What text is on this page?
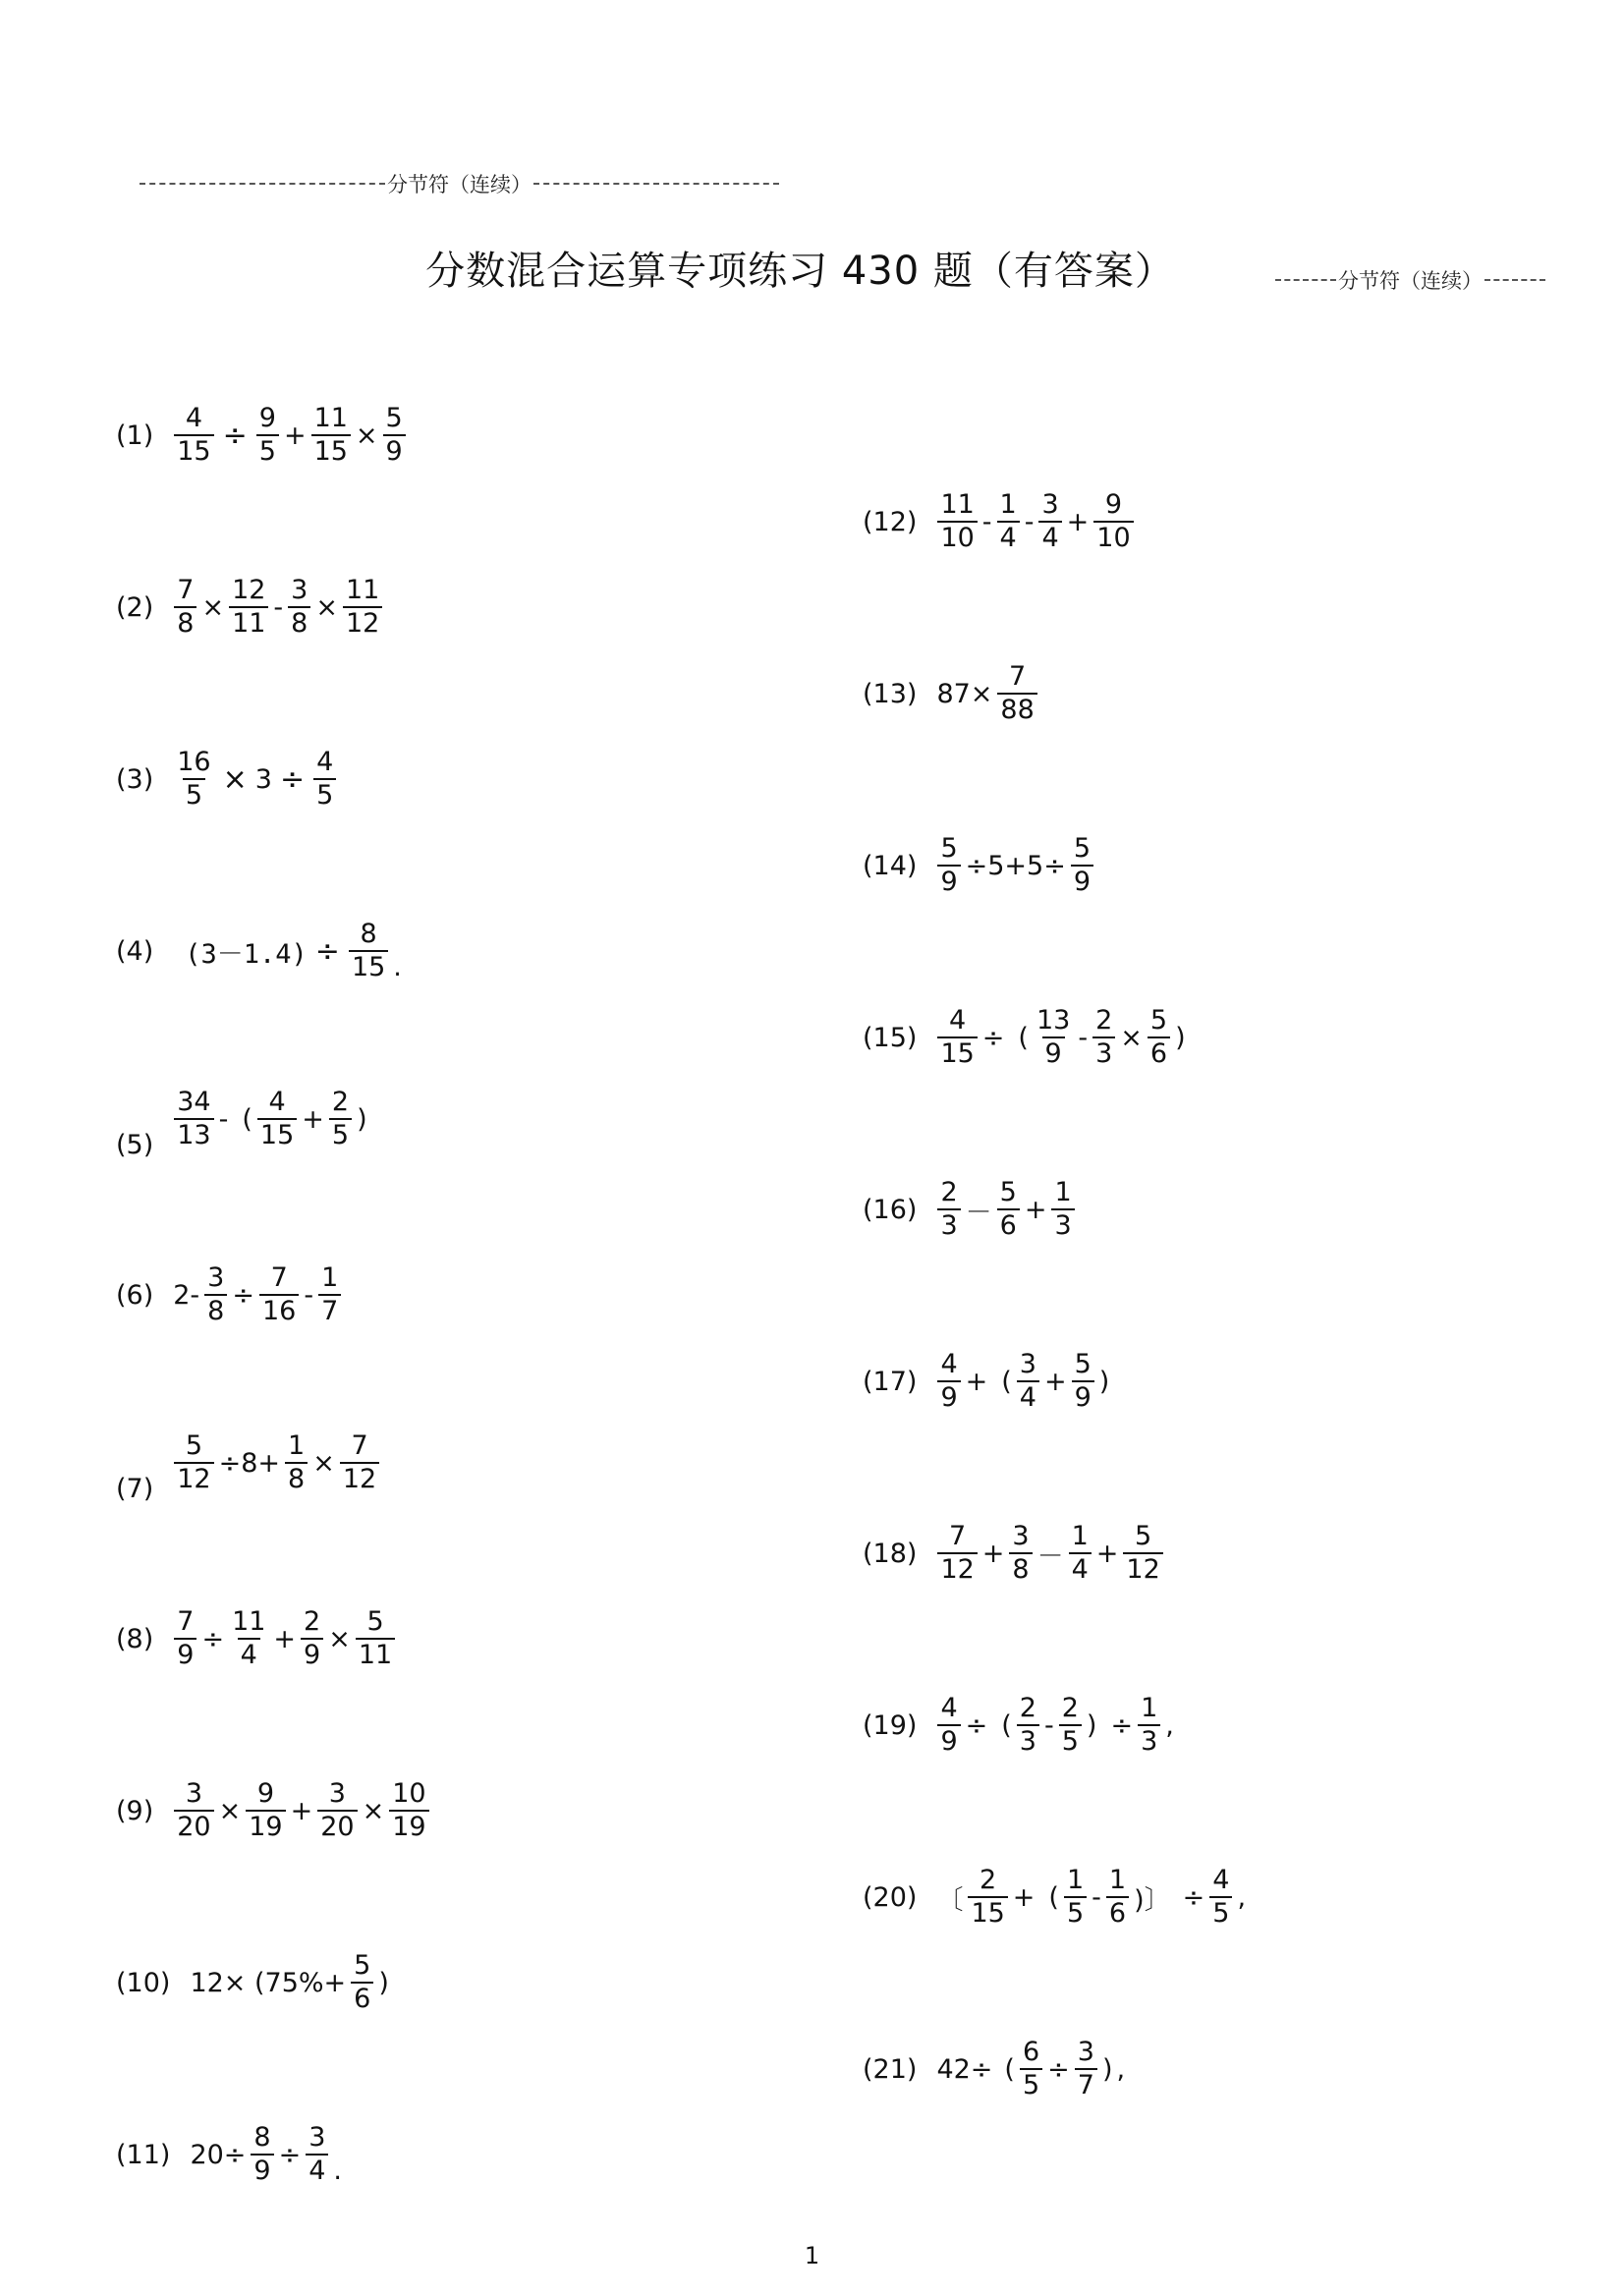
分节符（连续）
分数混合运算专项练习 430 题（有答案）	分节符（连续）
$(1) \frac{4}{15} \div \frac{9}{5} + \frac{11}{15} \times \frac{5}{9}$
$(2) \frac{7}{8} \times \frac{12}{11} - \frac{3}{8} \times \frac{11}{12}$
$(3) \frac{16}{5} \times 3 \div \frac{4}{5}$
(4) $(3-1.4) \div \frac{8}{15}$ .
$(5) \frac{34}{13}$ - ( $\frac{4}{15} + \frac{2}{5}$ )
(6) $2- \frac{3}{8} \div \frac{7}{16} - \frac{1}{7}$
$(7) \frac{5}{12} \div 8+ \frac{1}{8} \times \frac{7}{12}$
$(8) \frac{7}{9} \div \frac{11}{4} + \frac{2}{9} \times \frac{5}{11}$
$(9) \frac{3}{20} \times \frac{9}{19} + \frac{3}{20} \times \frac{10}{19}$
(10) $12\times (75\%+ \frac{5}{6}$ )
(11) $20\div \frac{8}{9} \div \frac{3}{4}$ .
$(12) \frac{11}{10} - \frac{1}{4} - \frac{3}{4} + \frac{9}{10}$
(13) $87\times \frac{7}{88}$
$(14) \frac{5}{9} \div 5+5\div \frac{5}{9}$
$(15) \frac{4}{15}$ ÷ ( $\frac{13}{9} - \frac{2}{3} \times \frac{5}{6}$ )
$(16) \frac{2}{3} - \frac{5}{6} + \frac{1}{3}$
$(17) \frac{4}{9}$ + ( $\frac{3}{4} + \frac{5}{9}$ )
$(18) \frac{7}{12} + \frac{3}{8} - \frac{1}{4} + \frac{5}{12}$
$(19) \frac{4}{9}$ ÷ ( $\frac{2}{3} - \frac{2}{5}$ ) ÷ $\frac{1}{3}$ ,
(20) 〔 $\frac{2}{15}$ + ( $\frac{1}{5} - \frac{1}{6}$ )〕 ÷ $\frac{4}{5}$ ,
(21) 42÷ ( $\frac{6}{5} \div \frac{3}{7}$ ) ,
1
